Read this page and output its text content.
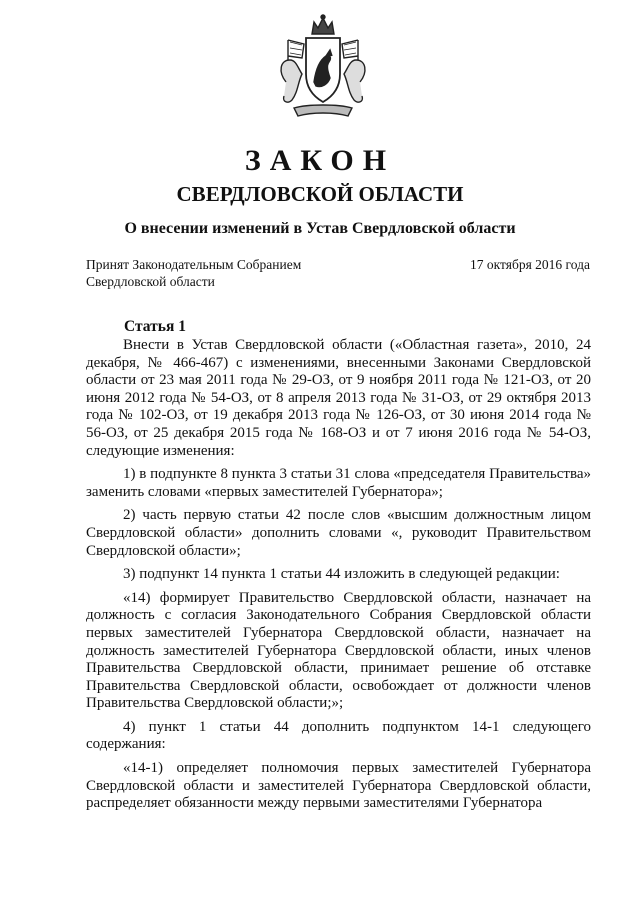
ЗАКОН
СВЕРДЛОВСКОЙ ОБЛАСТИ
О внесении изменений в Устав Свердловской области
Принят Законодательным Собранием
Свердловской области
17 октября 2016 года
Статья 1

Внести в Устав Свердловской области («Областная газета», 2010, 24 декабря, № 466-467) с изменениями, внесенными Законами Свердловской области от 23 мая 2011 года № 29-ОЗ, от 9 ноября 2011 года № 121-ОЗ, от 20 июня 2012 года № 54-ОЗ, от 8 апреля 2013 года № 31-ОЗ, от 29 октября 2013 года № 102-ОЗ, от 19 декабря 2013 года № 126-ОЗ, от 30 июня 2014 года № 56-ОЗ, от 25 декабря 2015 года № 168-ОЗ и от 7 июня 2016 года № 54-ОЗ, следующие изменения:

1) в подпункте 8 пункта 3 статьи 31 слова «председателя Правительства» заменить словами «первых заместителей Губернатора»;

2) часть первую статьи 42 после слов «высшим должностным лицом Свердловской области» дополнить словами «, руководит Правительством Свердловской области»;

3) подпункт 14 пункта 1 статьи 44 изложить в следующей редакции:

«14) формирует Правительство Свердловской области, назначает на должность с согласия Законодательного Собрания Свердловской области первых заместителей Губернатора Свердловской области, назначает на должность заместителей Губернатора Свердловской области, иных членов Правительства Свердловской области, принимает решение об отставке Правительства Свердловской области, освобождает от должности членов Правительства Свердловской области;»;

4) пункт 1 статьи 44 дополнить подпунктом 14-1 следующего содержания:

«14-1) определяет полномочия первых заместителей Губернатора Свердловской области и заместителей Губернатора Свердловской области, распределяет обязанности между первыми заместителями Губернатора
